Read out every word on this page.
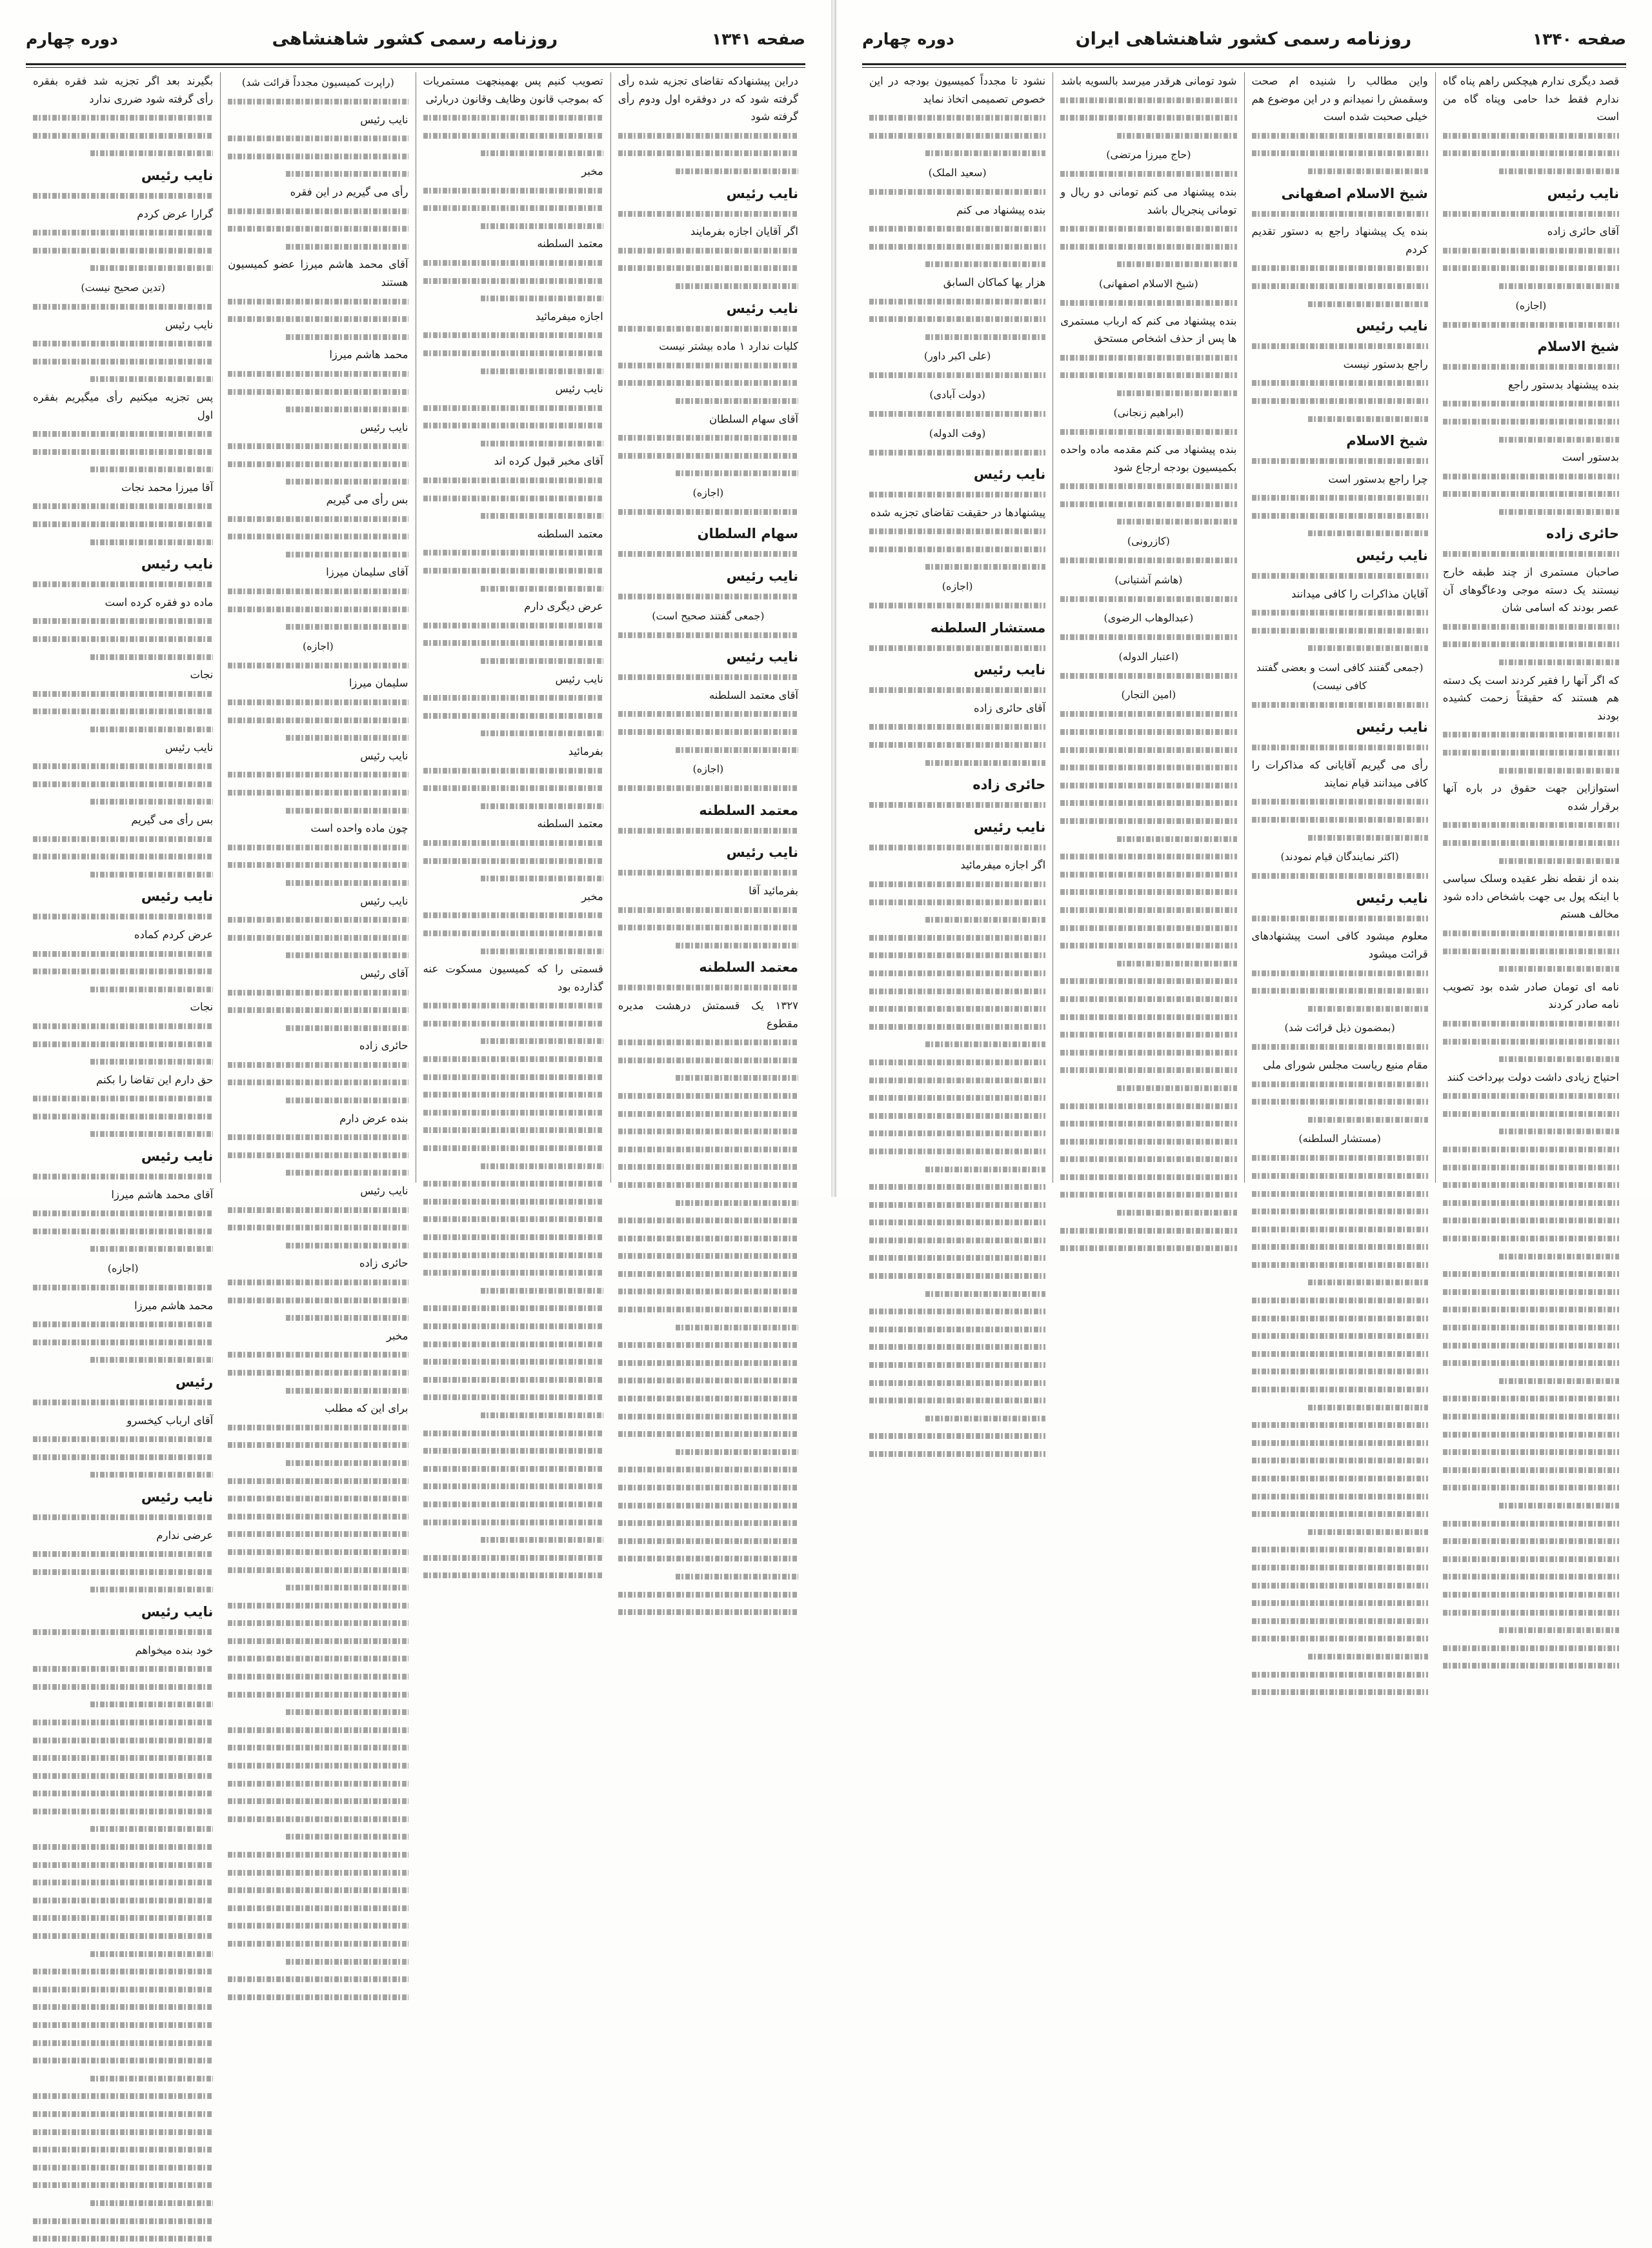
صفحه ۱۳۴۱
روزنامه رسمی کشور شاهنشاهی
دوره چهارم
دراین پیشنهادکه تقاضای تجزیه شده رأی گرفته شود که در دوفقره اول ودوم رأی گرفته شود
نایب رئیس
اگر آقایان اجازه بفرمایند
نایب رئیس
کلیات ندارد ۱ ماده بیشتر نیست
آقای سهام السلطان
(اجازه)
سهام السلطان
نایب رئیس
(جمعی گفتند صحیح است)
نایب رئیس
آقای معتمد السلطنه
(اجازه)
معتمد السلطنه
نایب رئیس
بفرمائید آقا
معتمد السلطنه
۱۳۲۷ یک قسمتش درهشت مدیره مقطوع
تصویب کنیم پس بهمینجهت مستمریات که بموجب قانون وظایف وقانون دربارئی
مخبر
معتمد السلطنه
اجازه میفرمائید
نایب رئیس
آقای مخبر قبول کرده اند
معتمد السلطنه
عرض دیگری دارم
نایب رئیس
بفرمائید
معتمد السلطنه
مخبر
قسمتی را که کمیسیون مسکوت عنه گذارده بود
(راپرت کمیسیون مجدداً قرائت شد)
نایب رئیس
رأی می گیریم در این فقره
آقای محمد هاشم میرزا عضو کمیسیون هستند
محمد هاشم میرزا
نایب رئیس
بس رأی می گیریم
آقای سلیمان میرزا
(اجازه)
سلیمان میرزا
نایب رئیس
چون ماده واحده است
نایب رئیس
آقای رئیس
حائری زاده
بنده عرض دارم
نایب رئیس
حائری زاده
مخبر
برای این که مطلب
بگیرند بعد اگر تجزیه شد فقره بفقره رأی گرفته شود ضرری ندارد
نایب رئیس
گرارا عرض کردم
(تدین صحیح نیست)
نایب رئیس
پس تجزیه میکنیم رأی میگیریم بفقره اول
آقا میرزا محمد نجات
نایب رئیس
ماده دو فقره کرده است
نجات
نایب رئیس
بس رأی می گیریم
نایب رئیس
عرض کردم کماده
نجات
حق دارم این تقاضا را بکنم
نایب رئیس
آقای محمد هاشم میرزا
(اجازه)
محمد هاشم میرزا
رئیس
آقای ارباب کیخسرو
نایب رئیس
عرضی ندارم
نایب رئیس
خود بنده میخواهم
صفحه ۱۳۴۰
روزنامه رسمی کشور شاهنشاهی ایران
دوره چهارم
قصد دیگری ندارم هیچکس راهم پناه گاه ندارم فقط خدا حامی وپناه گاه من است
نایب رئیس
آقای حائری زاده
(اجازه)
شیخ الاسلام
بنده پیشنهاد بدستور راجع
بدستور است
حائری زاده
صاحبان مستمری از چند طبقه خارج نیستند یک دسته موجی ودعاگوهای آن عصر بودند که اسامی شان
که اگر آنها را فقیر کردند است یک دسته هم هستند که حقیقتاً زحمت کشیده بودند
استوازاین جهت حقوق در باره آنها برقرار شده
بنده از نقطه نظر عقیده وسلک سیاسی با اینکه پول بی جهت باشخاص داده شود مخالف هستم
نامه ای تومان صادر شده بود تصویب نامه صادر کردند
احتیاج زیادی داشت دولت بپرداخت کنند
واین مطالب را شنیده ام صحت وسقمش را نمیدانم و در این موضوع هم خیلی صحبت شده است
شیخ الاسلام اصفهانی
بنده یک پیشنهاد راجع به دستور تقدیم کردم
نایب رئیس
راجع بدستور نیست
شیخ الاسلام
چرا راجع بدستور است
نایب رئیس
آقایان مذاکرات را کافی میدانند
(جمعی گفتند کافی است و بعضی گفتند کافی نیست)
نایب رئیس
رأی می گیریم آقایانی که مذاکرات را کافی میدانند قیام نمایند
(اکثر نمایندگان قیام نمودند)
نایب رئیس
معلوم میشود کافی است پیشنهادهای قرائت میشود
(بمضمون ذیل قرائت شد)
مقام منیع ریاست مجلس شورای ملی
(مستشار السلطنه)
شود تومانی هرقدر میرسد بالسویه باشد
(حاج میرزا مرتضی)
بنده پیشنهاد می کنم تومانی دو ریال و تومانی پنجریال باشد
(شیخ الاسلام اصفهانی)
بنده پیشنهاد می کنم که ارباب مستمری ها پس از حذف اشخاص مستحق
(ابراهیم زنجانی)
بنده پیشنهاد می کنم مقدمه ماده واحده بکمیسیون بودجه ارجاع شود
(کازرونی)
(هاشم آشتیانی)
(عبدالوهاب الرضوی)
(اعتبار الدوله)
(امین التجار)
نشود تا مجدداً کمیسیون بودجه در این خصوص تصمیمی اتخاذ نماید
(سعید الملک)
بنده پیشنهاد می کنم
هزار یها کماکان السابق
(علی اکبر داور)
(دولت آبادی)
(وفت الدوله)
نایب رئیس
پیشنهادها در حقیقت تقاضای تجزیه شده
(اجازه)
مستشار السلطنه
نایب رئیس
آقای حائری زاده
حائری زاده
نایب رئیس
اگر اجازه میفرمائید
